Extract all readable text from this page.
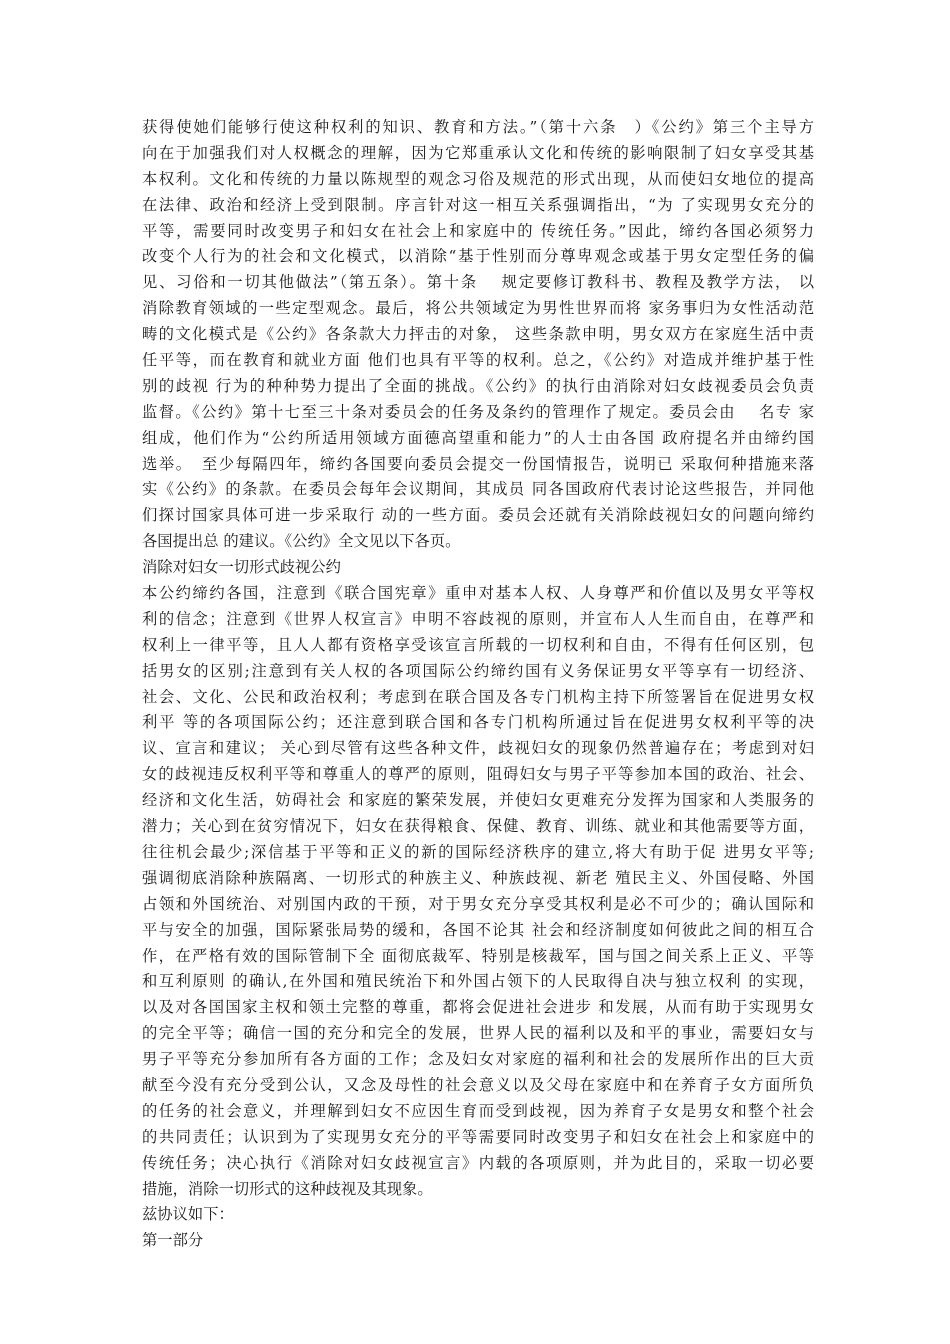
获得使她们能够行使这种权利的知识、教育和方法。”（第十六条　）《公约》第三个主导方
向在于加强我们对人权概念的理解，因为它郑重承认文化和传统的影响限制了妇女享受其基
本权利。文化和传统的力量以陈规型的观念习俗及规范的形式出现，从而使妇女地位的提高
在法律、政治和经济上受到限制。序言针对这一相互关系强调指出，“为 了实现男女充分的
平等，需要同时改变男子和妇女在社会上和家庭中的 传统任务。”因此，缔约各国必须努力
改变个人行为的社会和文化模式，以消除“基于性别而分尊卑观念或基于男女定型任务的偏
见、习俗和一切其他做法”（第五条）。第十条　 规定要修订教科书、教程及教学方法， 以
消除教育领域的一些定型观念。最后，将公共领域定为男性世界而将 家务事归为女性活动范
畴的文化模式是《公约》各条款大力抨击的对象， 这些条款申明，男女双方在家庭生活中责
任平等，而在教育和就业方面 他们也具有平等的权利。总之，《公约》对造成并维护基于性
别的歧视 行为的种种势力提出了全面的挑战。《公约》的执行由消除对妇女歧视委员会负责
监督。《公约》第十七至三十条对委员会的任务及条约的管理作了规定。委员会由　 名专 家
组成，他们作为“公约所适用领域方面德高望重和能力”的人士由各国 政府提名并由缔约国
选举。　至少每隔四年，缔约各国要向委员会提交一份国情报告，说明已 采取何种措施来落
实《公约》的条款。在委员会每年会议期间，其成员 同各国政府代表讨论这些报告，并同他
们探讨国家具体可进一步采取行 动的一些方面。委员会还就有关消除歧视妇女的问题向缔约
各国提出总 的建议。《公约》全文见以下各页。
消除对妇女一切形式歧视公约
本公约缔约各国，注意到《联合国宪章》重申对基本人权、人身尊严和价值以及男女平等权
利的信念；注意到《世界人权宣言》申明不容歧视的原则，并宣布人人生而自由，在尊严和
权利上一律平等，且人人都有资格享受该宣言所载的一切权利和自由，不得有任何区别，包
括男女的区别;注意到有关人权的各项国际公约缔约国有义务保证男女平等享有一切经济、
社会、文化、公民和政治权利；考虑到在联合国及各专门机构主持下所签署旨在促进男女权
利平 等的各项国际公约；还注意到联合国和各专门机构所通过旨在促进男女权利平等的决
议、宣言和建议； 关心到尽管有这些各种文件，歧视妇女的现象仍然普遍存在；考虑到对妇
女的歧视违反权利平等和尊重人的尊严的原则，阻碍妇女与男子平等参加本国的政治、社会、
经济和文化生活，妨碍社会 和家庭的繁荣发展，并使妇女更难充分发挥为国家和人类服务的
潜力；关心到在贫穷情况下，妇女在获得粮食、保健、教育、训练、就业和其他需要等方面，
往往机会最少;深信基于平等和正义的新的国际经济秩序的建立,将大有助于促 进男女平等;
强调彻底消除种族隔离、一切形式的种族主义、种族歧视、新老 殖民主义、外国侵略、外国
占领和外国统治、对别国内政的干预，对于男女充分享受其权利是必不可少的；确认国际和
平与安全的加强，国际紧张局势的缓和，各国不论其 社会和经济制度如何彼此之间的相互合
作，在严格有效的国际管制下全 面彻底裁军、特别是核裁军，国与国之间关系上正义、平等
和互利原则 的确认,在外国和殖民统治下和外国占领下的人民取得自决与独立权利 的实现，
以及对各国国家主权和领土完整的尊重，都将会促进社会进步 和发展，从而有助于实现男女
的完全平等；确信一国的充分和完全的发展，世界人民的福利以及和平的事业，需要妇女与
男子平等充分参加所有各方面的工作；念及妇女对家庭的福利和社会的发展所作出的巨大贡
献至今没有充分受到公认，又念及母性的社会意义以及父母在家庭中和在养育子女方面所负
的任务的社会意义，并理解到妇女不应因生育而受到歧视，因为养育子女是男女和整个社会
的共同责任；认识到为了实现男女充分的平等需要同时改变男子和妇女在社会上和家庭中的
传统任务；决心执行《消除对妇女歧视宣言》内载的各项原则，并为此目的，采取一切必要
措施，消除一切形式的这种歧视及其现象。
兹协议如下：
第一部分
